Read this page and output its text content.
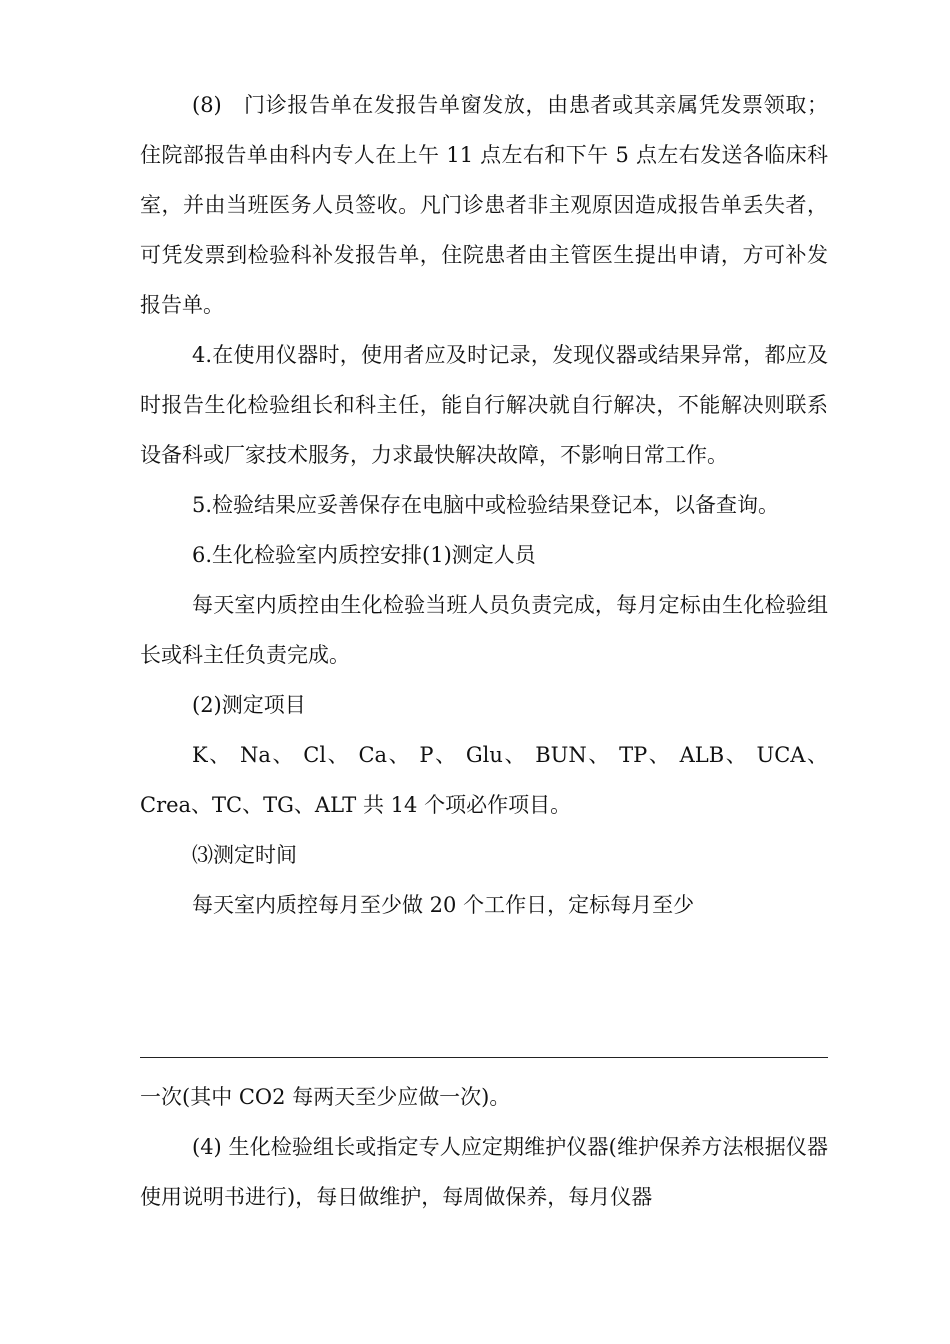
(8)　门诊报告单在发报告单窗发放，由患者或其亲属凭发票领取；住院部报告单由科内专人在上午 11 点左右和下午 5 点左右发送各临床科室，并由当班医务人员签收。凡门诊患者非主观原因造成报告单丢失者，可凭发票到检验科补发报告单，住院患者由主管医生提出申请，方可补发报告单。

4.在使用仪器时，使用者应及时记录，发现仪器或结果异常，都应及时报告生化检验组长和科主任，能自行解决就自行解决，不能解决则联系设备科或厂家技术服务，力求最快解决故障，不影响日常工作。

5.检验结果应妥善保存在电脑中或检验结果登记本，以备查询。

6.生化检验室内质控安排(1)测定人员

每天室内质控由生化检验当班人员负责完成，每月定标由生化检验组长或科主任负责完成。

(2)测定项目

K、 Na、 Cl、 Ca、 P、 Glu、 BUN、 TP、 ALB、 UCA、Crea、TC、TG、ALT 共 14 个项必作项目。

⑶测定时间

每天室内质控每月至少做 20 个工作日，定标每月至少

一次(其中 CO2 每两天至少应做一次)。

(4) 生化检验组长或指定专人应定期维护仪器(维护保养方法根据仪器使用说明书进行)，每日做维护，每周做保养，每月仪器
